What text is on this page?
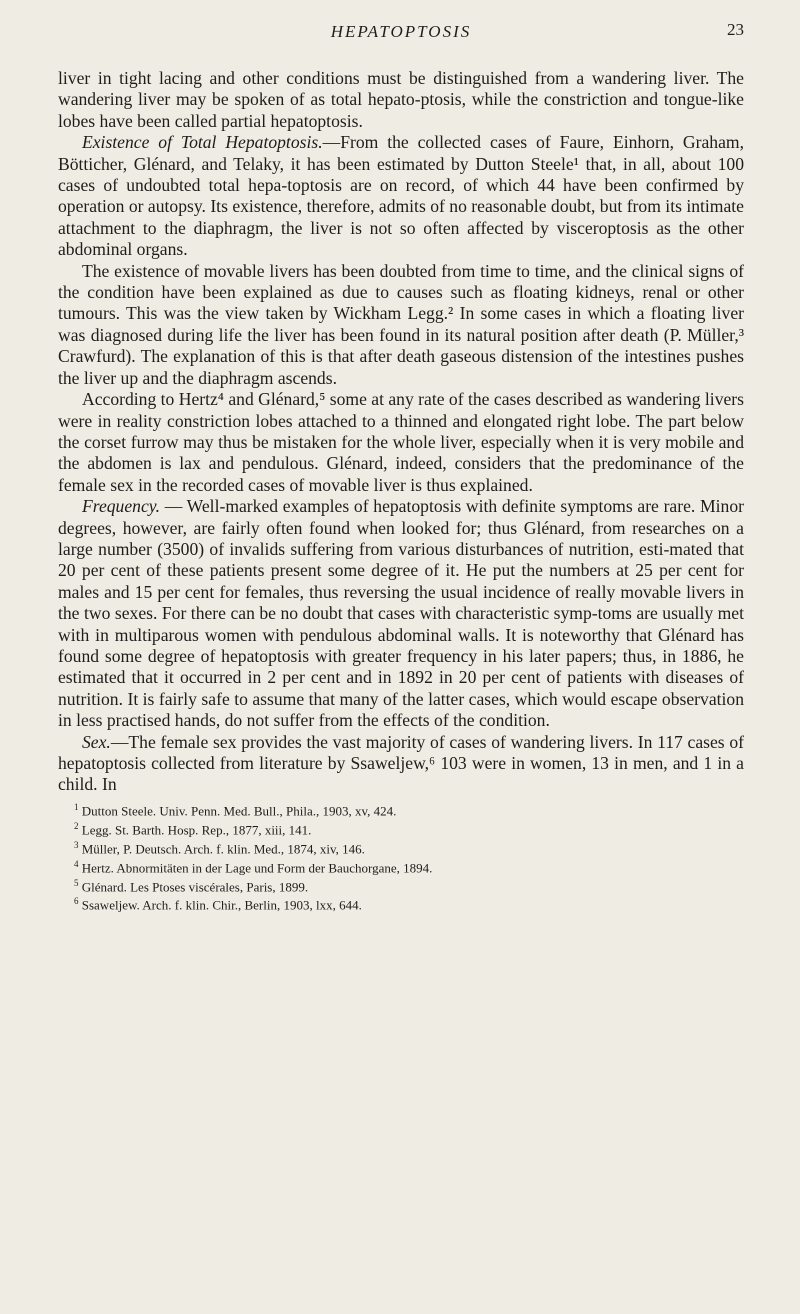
HEPATOPTOSIS	23

liver in tight lacing and other conditions must be distinguished from a wandering liver. The wandering liver may be spoken of as total hepato-ptosis, while the constriction and tongue-like lobes have been called partial hepatoptosis.

Existence of Total Hepatoptosis.—From the collected cases of Faure, Einhorn, Graham, Bötticher, Glénard, and Telaky, it has been estimated by Dutton Steele¹ that, in all, about 100 cases of undoubted total hepa-toptosis are on record, of which 44 have been confirmed by operation or autopsy. Its existence, therefore, admits of no reasonable doubt, but from its intimate attachment to the diaphragm, the liver is not so often affected by visceroptosis as the other abdominal organs.

The existence of movable livers has been doubted from time to time, and the clinical signs of the condition have been explained as due to causes such as floating kidneys, renal or other tumours. This was the view taken by Wickham Legg.² In some cases in which a floating liver was diagnosed during life the liver has been found in its natural position after death (P. Müller,³ Crawfurd). The explanation of this is that after death gaseous distension of the intestines pushes the liver up and the diaphragm ascends.

According to Hertz⁴ and Glénard,⁵ some at any rate of the cases described as wandering livers were in reality constriction lobes attached to a thinned and elongated right lobe. The part below the corset furrow may thus be mistaken for the whole liver, especially when it is very mobile and the abdomen is lax and pendulous. Glénard, indeed, considers that the predominance of the female sex in the recorded cases of movable liver is thus explained.

Frequency. — Well-marked examples of hepatoptosis with definite symptoms are rare. Minor degrees, however, are fairly often found when looked for; thus Glénard, from researches on a large number (3500) of invalids suffering from various disturbances of nutrition, esti-mated that 20 per cent of these patients present some degree of it. He put the numbers at 25 per cent for males and 15 per cent for females, thus reversing the usual incidence of really movable livers in the two sexes. For there can be no doubt that cases with characteristic symp-toms are usually met with in multiparous women with pendulous abdominal walls. It is noteworthy that Glénard has found some degree of hepatoptosis with greater frequency in his later papers; thus, in 1886, he estimated that it occurred in 2 per cent and in 1892 in 20 per cent of patients with diseases of nutrition. It is fairly safe to assume that many of the latter cases, which would escape observation in less practised hands, do not suffer from the effects of the condition.

Sex.—The female sex provides the vast majority of cases of wandering livers. In 117 cases of hepatoptosis collected from literature by Ssaweljew,⁶ 103 were in women, 13 in men, and 1 in a child. In

$^1$ Dutton Steele. Univ. Penn. Med. Bull., Phila., 1903, xv, 424.
$^2$ Legg. St. Barth. Hosp. Rep., 1877, xiii, 141.
$^3$ Müller, P. Deutsch. Arch. f. klin. Med., 1874, xiv, 146.
$^4$ Hertz. Abnormitäten in der Lage und Form der Bauchorgane, 1894.
$^5$ Glénard. Les Ptoses viscérales, Paris, 1899.
$^6$ Ssaweljew. Arch. f. klin. Chir., Berlin, 1903, lxx, 644.
